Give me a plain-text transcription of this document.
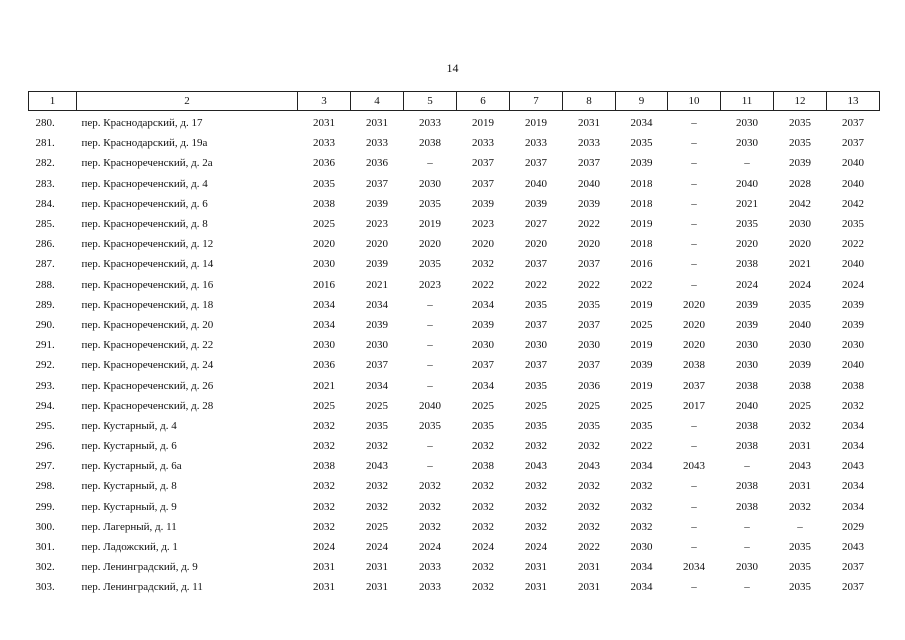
14
1	2	3	4	5	6	7	8	9	10	11	12	13
280.	пер. Краснодарский, д. 17	2031	2031	2033	2019	2019	2031	2034	–	2030	2035	2037
281.	пер. Краснодарский, д. 19а	2033	2033	2038	2033	2033	2033	2035	–	2030	2035	2037
282.	пер. Краснореченский, д. 2а	2036	2036	–	2037	2037	2037	2039	–	–	2039	2040
283.	пер. Краснореченский, д. 4	2035	2037	2030	2037	2040	2040	2018	–	2040	2028	2040
284.	пер. Краснореченский, д. 6	2038	2039	2035	2039	2039	2039	2018	–	2021	2042	2042
285.	пер. Краснореченский, д. 8	2025	2023	2019	2023	2027	2022	2019	–	2035	2030	2035
286.	пер. Краснореченский, д. 12	2020	2020	2020	2020	2020	2020	2018	–	2020	2020	2022
287.	пер. Краснореченский, д. 14	2030	2039	2035	2032	2037	2037	2016	–	2038	2021	2040
288.	пер. Краснореченский, д. 16	2016	2021	2023	2022	2022	2022	2022	–	2024	2024	2024
289.	пер. Краснореченский, д. 18	2034	2034	–	2034	2035	2035	2019	2020	2039	2035	2039
290.	пер. Краснореченский, д. 20	2034	2039	–	2039	2037	2037	2025	2020	2039	2040	2039
291.	пер. Краснореченский, д. 22	2030	2030	–	2030	2030	2030	2019	2020	2030	2030	2030
292.	пер. Краснореченский, д. 24	2036	2037	–	2037	2037	2037	2039	2038	2030	2039	2040
293.	пер. Краснореченский, д. 26	2021	2034	–	2034	2035	2036	2019	2037	2038	2038	2038
294.	пер. Краснореченский, д. 28	2025	2025	2040	2025	2025	2025	2025	2017	2040	2025	2032
295.	пер. Кустарный, д. 4	2032	2035	2035	2035	2035	2035	2035	–	2038	2032	2034
296.	пер. Кустарный, д. 6	2032	2032	–	2032	2032	2032	2022	–	2038	2031	2034
297.	пер. Кустарный, д. 6а	2038	2043	–	2038	2043	2043	2034	2043	–	2043	2043
298.	пер. Кустарный, д. 8	2032	2032	2032	2032	2032	2032	2032	–	2038	2031	2034
299.	пер. Кустарный, д. 9	2032	2032	2032	2032	2032	2032	2032	–	2038	2032	2034
300.	пер. Лагерный, д. 11	2032	2025	2032	2032	2032	2032	2032	–	–	–	2029
301.	пер. Ладожский, д. 1	2024	2024	2024	2024	2024	2022	2030	–	–	2035	2043
302.	пер. Ленинградский, д. 9	2031	2031	2033	2032	2031	2031	2034	2034	2030	2035	2037
303.	пер. Ленинградский, д. 11	2031	2031	2033	2032	2031	2031	2034	–	–	2035	2037
